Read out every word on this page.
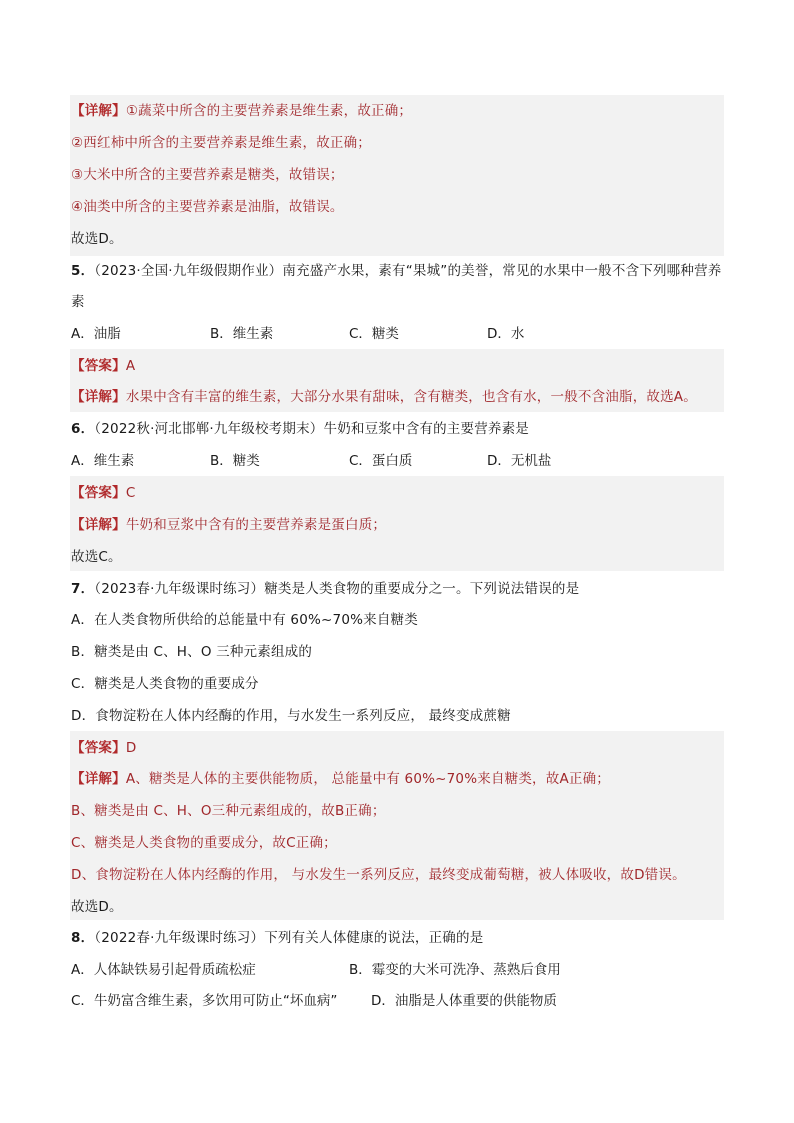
【详解】①蔬菜中所含的主要营养素是维生素，故正确；
②西红柿中所含的主要营养素是维生素，故正确；
③大米中所含的主要营养素是糖类，故错误；
④油类中所含的主要营养素是油脂，故错误。
故选D。
5．（2023·全国·九年级假期作业）南充盛产水果，素有“果城”的美誉，常见的水果中一般不含下列哪种营养
素
A．油脂	B．维生素	C．糖类	D．水
【答案】A
【详解】水果中含有丰富的维生素，大部分水果有甜味，含有糖类，也含有水，一般不含油脂，故选A。
6．（2022秋·河北邯郸·九年级校考期末）牛奶和豆浆中含有的主要营养素是
A．维生素	B．糖类	C．蛋白质	D．无机盐
【答案】C
【详解】牛奶和豆浆中含有的主要营养素是蛋白质；
故选C。
7．（2023春·九年级课时练习）糖类是人类食物的重要成分之一。下列说法错误的是
A．在人类食物所供给的总能量中有 60%~70%来自糖类
B．糖类是由 C、H、O 三种元素组成的
C．糖类是人类食物的重要成分
D．食物淀粉在人体内经酶的作用，与水发生一系列反应， 最终变成蔗糖
【答案】D
【详解】A、糖类是人体的主要供能物质， 总能量中有 60%~70%来自糖类，故A正确；
B、糖类是由 C、H、O三种元素组成的，故B正确；
C、糖类是人类食物的重要成分，故C正确；
D、食物淀粉在人体内经酶的作用， 与水发生一系列反应，最终变成葡萄糖，被人体吸收，故D错误。
故选D。
8．（2022春·九年级课时练习）下列有关人体健康的说法，正确的是
A．人体缺铁易引起骨质疏松症	B．霉变的大米可洗净、蒸熟后食用
C．牛奶富含维生素，多饮用可防止“坏血病” D．油脂是人体重要的供能物质
